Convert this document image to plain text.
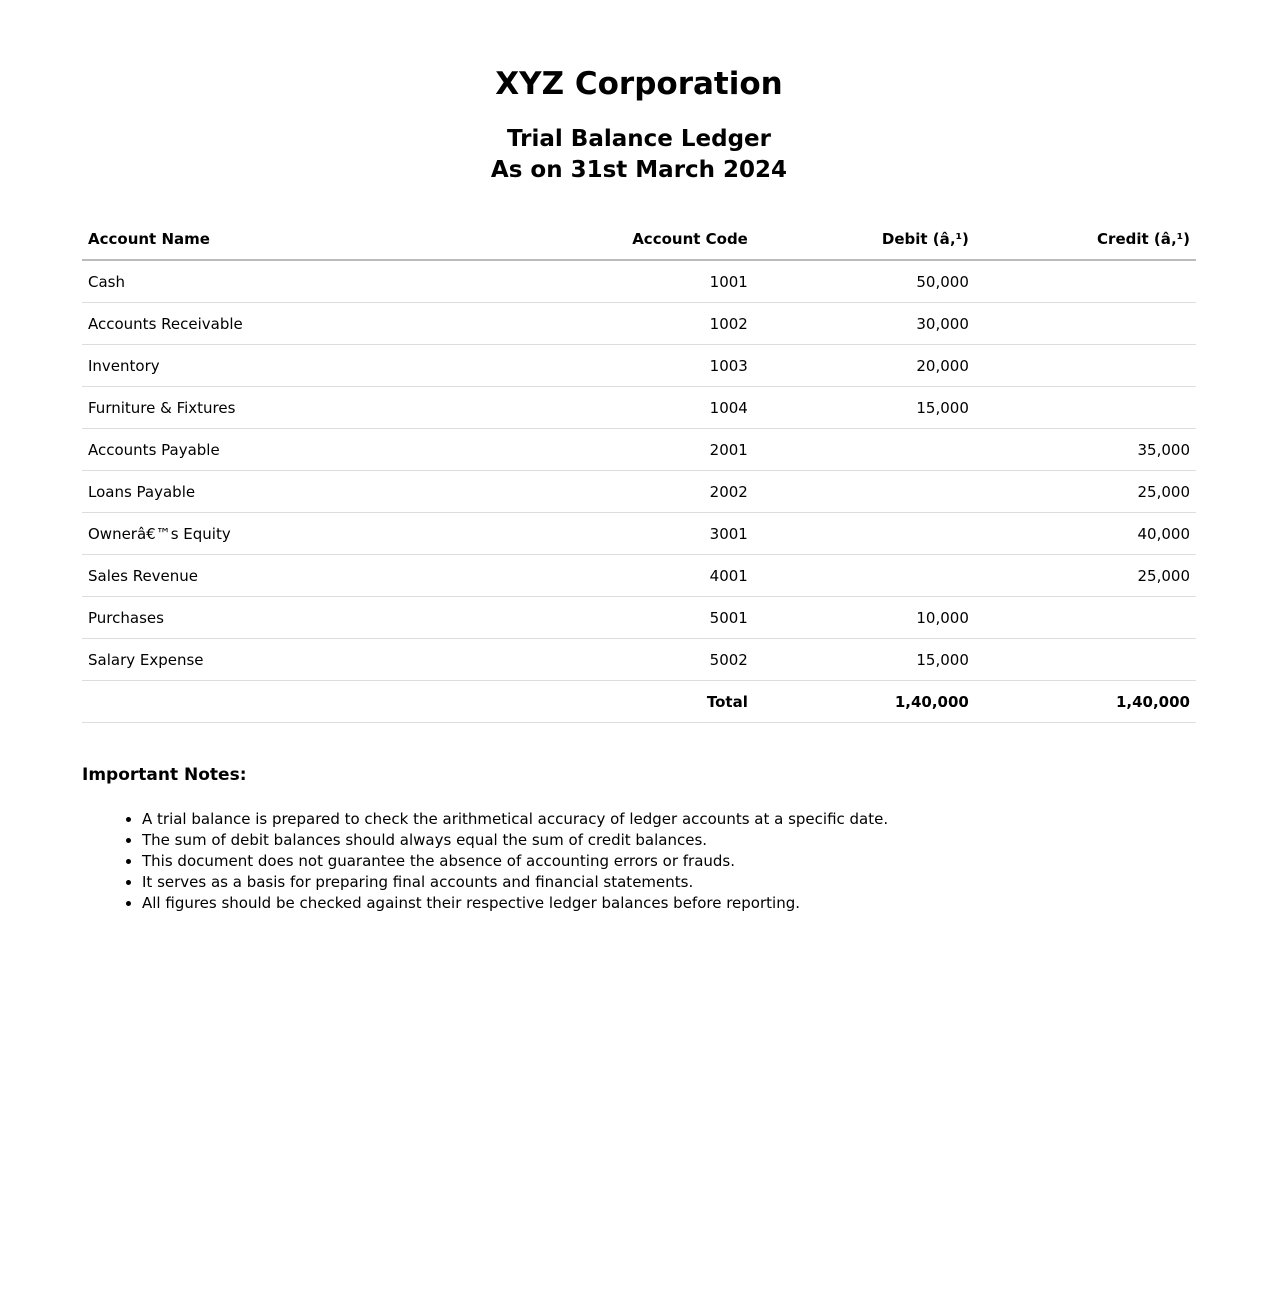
XYZ Corporation
Trial Balance Ledger
As on 31st March 2024
Account Name	Account Code	Debit (â‚¹)	Credit (â‚¹)
Cash	1001	50,000	
Accounts Receivable	1002	30,000	
Inventory	1003	20,000	
Furniture & Fixtures	1004	15,000	
Accounts Payable	2001		35,000
Loans Payable	2002		25,000
Ownerâ€™s Equity	3001		40,000
Sales Revenue	4001		25,000
Purchases	5001	10,000	
Salary Expense	5002	15,000	
	Total	1,40,000	1,40,000
Important Notes:
• A trial balance is prepared to check the arithmetical accuracy of ledger accounts at a specific date.
• The sum of debit balances should always equal the sum of credit balances.
• This document does not guarantee the absence of accounting errors or frauds.
• It serves as a basis for preparing final accounts and financial statements.
• All figures should be checked against their respective ledger balances before reporting.
